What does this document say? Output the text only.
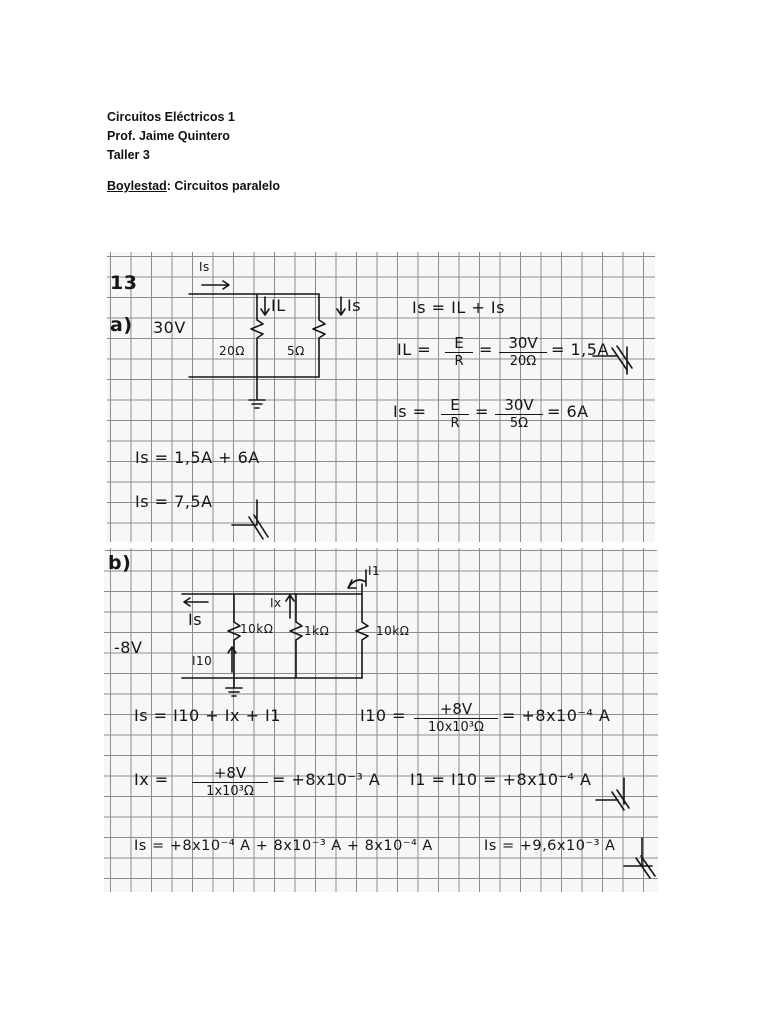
Circuitos Eléctricos 1
Prof. Jaime Quintero
Taller 3
Boylestad: Circuitos paralelo
13
a)
Is
30V
IL	Is
20Ω	5Ω
Is = IL + Is
IL = $\frac{E}{R} = \frac{30V}{20\Omega} = 1,5A$
$Is = \frac{E}{R} = \frac{30V}{5\Omega} = 6A$
Is = 1,5A + 6A
Is = 7,5A
b)
-8V
Is
I10
Ix
I1
10kΩ	1kΩ	10kΩ
Is = I10 + Ix + I1	$I10 = \frac{+8V}{\text{10x10³Ω}} = +8x10^{-4}$ A
$Ix = \frac{+8V}{\text{1x10³Ω}} = +8x10^{-3}$ A I1 = I10 = +8x10⁻⁴ A
Is = +8x10⁻⁴ A + 8x10⁻³ A + 8x10⁻⁴ A	Is = +9,6x10⁻³ A
